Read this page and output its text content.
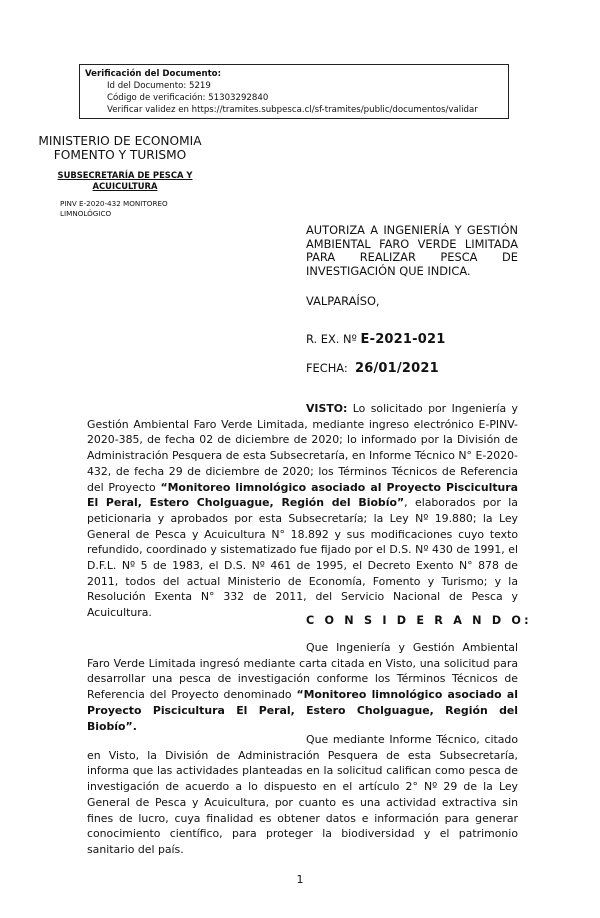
Verificación del Documento:
• Id del Documento: 5219
• Código de verificación: 51303292840
• Verificar validez en https://tramites.subpesca.cl/sf-tramites/public/documentos/validar
MINISTERIO DE ECONOMIA
FOMENTO Y TURISMO
SUBSECRETARÍA DE PESCA Y
ACUICULTURA
PINV E-2020-432 MONITOREO
LIMNOLÓGICO
AUTORIZA A INGENIERÍA Y GESTIÓN AMBIENTAL FARO VERDE LIMITADA PARA REALIZAR PESCA DE INVESTIGACIÓN QUE INDICA.
VALPARAÍSO,
R. EX. Nº E-2021-021
FECHA: 26/01/2021
VISTO: Lo solicitado por Ingeniería y Gestión Ambiental Faro Verde Limitada, mediante ingreso electrónico E-PINV-2020-385, de fecha 02 de diciembre de 2020; lo informado por la División de Administración Pesquera de esta Subsecretaría, en Informe Técnico N° E-2020-432, de fecha 29 de diciembre de 2020; los Términos Técnicos de Referencia del Proyecto “Monitoreo limnológico asociado al Proyecto Piscicultura El Peral, Estero Cholguague, Región del Biobío”, elaborados por la peticionaria y aprobados por esta Subsecretaría; la Ley Nº 19.880; la Ley General de Pesca y Acuicultura N° 18.892 y sus modificaciones cuyo texto refundido, coordinado y sistematizado fue fijado por el D.S. Nº 430 de 1991, el D.F.L. Nº 5 de 1983, el D.S. Nº 461 de 1995, el Decreto Exento N° 878 de 2011, todos del actual Ministerio de Economía, Fomento y Turismo; y la Resolución Exenta N° 332 de 2011, del Servicio Nacional de Pesca y Acuicultura.
C O N S I D E R A N D O:
Que Ingeniería y Gestión Ambiental Faro Verde Limitada ingresó mediante carta citada en Visto, una solicitud para desarrollar una pesca de investigación conforme los Términos Técnicos de Referencia del Proyecto denominado “Monitoreo limnológico asociado al Proyecto Piscicultura El Peral, Estero Cholguague, Región del Biobío”.
Que mediante Informe Técnico, citado en Visto, la División de Administración Pesquera de esta Subsecretaría, informa que las actividades planteadas en la solicitud califican como pesca de investigación de acuerdo a lo dispuesto en el artículo 2° Nº 29 de la Ley General de Pesca y Acuicultura, por cuanto es una actividad extractiva sin fines de lucro, cuya finalidad es obtener datos e información para generar conocimiento científico, para proteger la biodiversidad y el patrimonio sanitario del país.
1
